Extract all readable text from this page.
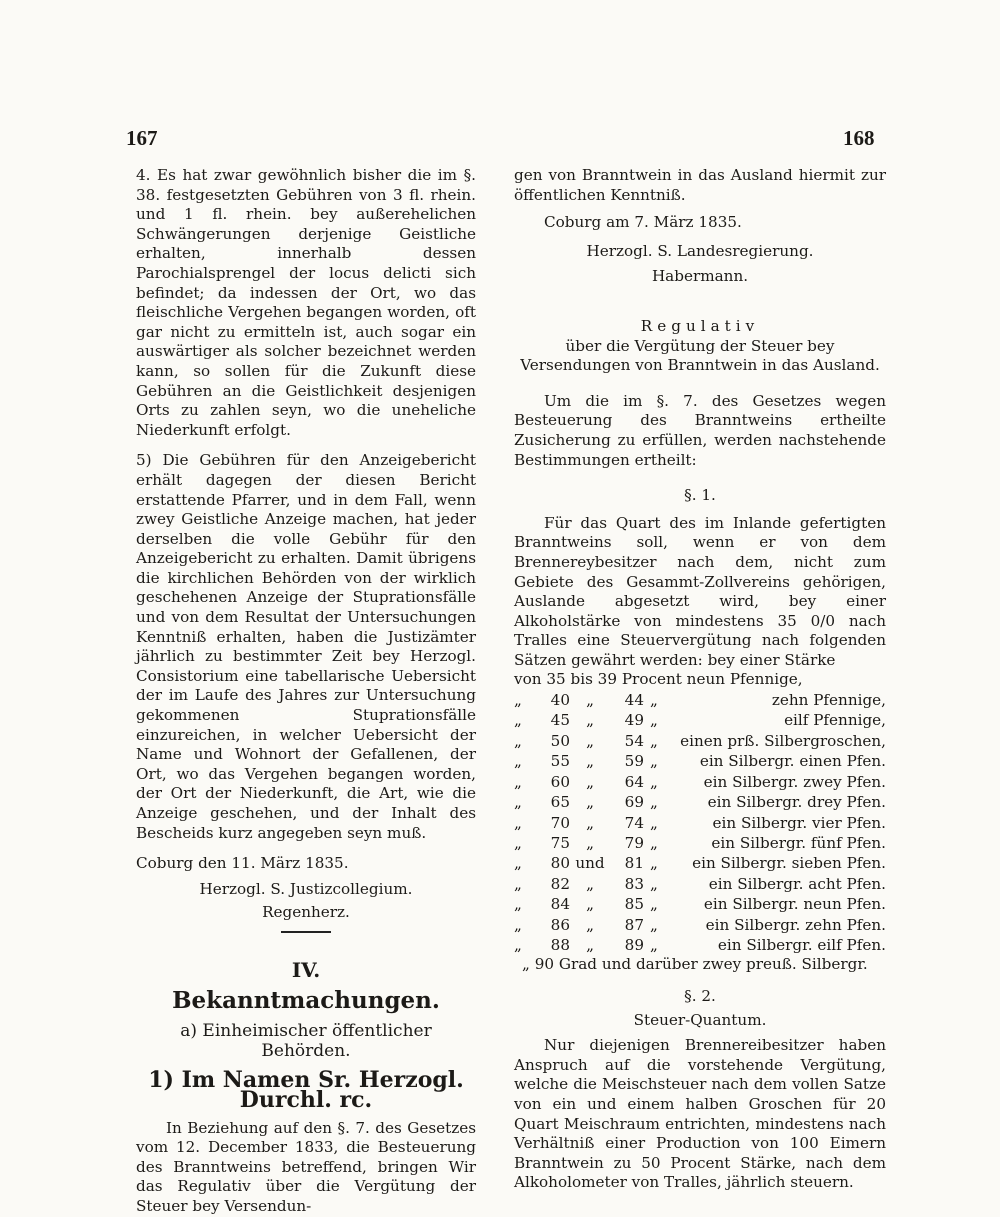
167	168

4. Es hat zwar gewöhnlich bisher die im §. 38. festgesetzten Gebühren von 3 fl. rhein. und 1 fl. rhein. bey außerehelichen Schwängerungen derjenige Geistliche erhalten, innerhalb dessen Parochialsprengel der locus delicti sich befindet; da indessen der Ort, wo das fleischliche Vergehen begangen worden, oft gar nicht zu ermitteln ist, auch sogar ein auswärtiger als solcher bezeichnet werden kann, so sollen für die Zukunft diese Gebühren an die Geistlichkeit desjenigen Orts zu zahlen seyn, wo die uneheliche Niederkunft erfolgt.

5) Die Gebühren für den Anzeigebericht erhält dagegen der diesen Bericht erstattende Pfarrer, und in dem Fall, wenn zwey Geistliche Anzeige machen, hat jeder derselben die volle Gebühr für den Anzeigebericht zu erhalten. Damit übrigens die kirchlichen Behörden von der wirklich geschehenen Anzeige der Stuprationsfälle und von dem Resultat der Untersuchungen Kenntniß erhalten, haben die Justizämter jährlich zu bestimmter Zeit bey Herzogl. Consistorium eine tabellarische Uebersicht der im Laufe des Jahres zur Untersuchung gekommenen Stuprationsfälle einzureichen, in welcher Uebersicht der Name und Wohnort der Gefallenen, der Ort, wo das Vergehen begangen worden, der Ort der Niederkunft, die Art, wie die Anzeige geschehen, und der Inhalt des Bescheids kurz angegeben seyn muß.

Coburg den 11. März 1835.

Herzogl. S. Justizcollegium.

Regenherz.

IV.

Bekanntmachungen.

a) Einheimischer öffentlicher Behörden.

1) Im Namen Sr. Herzogl. Durchl. rc.

In Beziehung auf den §. 7. des Gesetzes vom 12. December 1833, die Besteuerung des Branntweins betreffend, bringen Wir das Regulativ über die Vergütung der Steuer bey Versendun-

gen von Branntwein in das Ausland hiermit zur öffentlichen Kenntniß.

Coburg am 7. März 1835.

Herzogl. S. Landesregierung.

Habermann.

Regulativ

über die Vergütung der Steuer bey Versendungen von Branntwein in das Ausland.

Um die im §. 7. des Gesetzes wegen Besteuerung des Branntweins ertheilte Zusicherung zu erfüllen, werden nachstehende Bestimmungen ertheilt:

§. 1.

Für das Quart des im Inlande gefertigten Branntweins soll, wenn er von dem Brennereybesitzer nach dem, nicht zum Gebiete des Gesammt-Zollvereins gehörigen, Auslande abgesetzt wird, bey einer Alkoholstärke von mindestens 35 0/0 nach Tralles eine Steuervergütung nach folgenden Sätzen gewährt werden: bey einer Stärke

von 35 bis 39 Procent neun Pfennige,

„	40	„	44	„	zehn Pfennige,
„	45	„	49	„	eilf Pfennige,
„	50	„	54	„	einen prß. Silbergroschen,
„	55	„	59	„	ein Silbergr. einen Pfen.
„	60	„	64	„	ein Silbergr. zwey Pfen.
„	65	„	69	„	ein Silbergr. drey Pfen.
„	70	„	74	„	ein Silbergr. vier Pfen.
„	75	„	79	„	ein Silbergr. fünf Pfen.
„	80	und	81	„	ein Silbergr. sieben Pfen.
„	82	„	83	„	ein Silbergr. acht Pfen.
„	84	„	85	„	ein Silbergr. neun Pfen.
„	86	„	87	„	ein Silbergr. zehn Pfen.
„	88	„	89	„	ein Silbergr. eilf Pfen.

„ 90 Grad und darüber zwey preuß. Silbergr.

§. 2.

Steuer-Quantum.

Nur diejenigen Brennereibesitzer haben Anspruch auf die vorstehende Vergütung, welche die Meischsteuer nach dem vollen Satze von ein und einem halben Groschen für 20 Quart Meischraum entrichten, mindestens nach Verhältniß einer Production von 100 Eimern Branntwein zu 50 Procent Stärke, nach dem Alkoholometer von Tralles, jährlich steuern.
